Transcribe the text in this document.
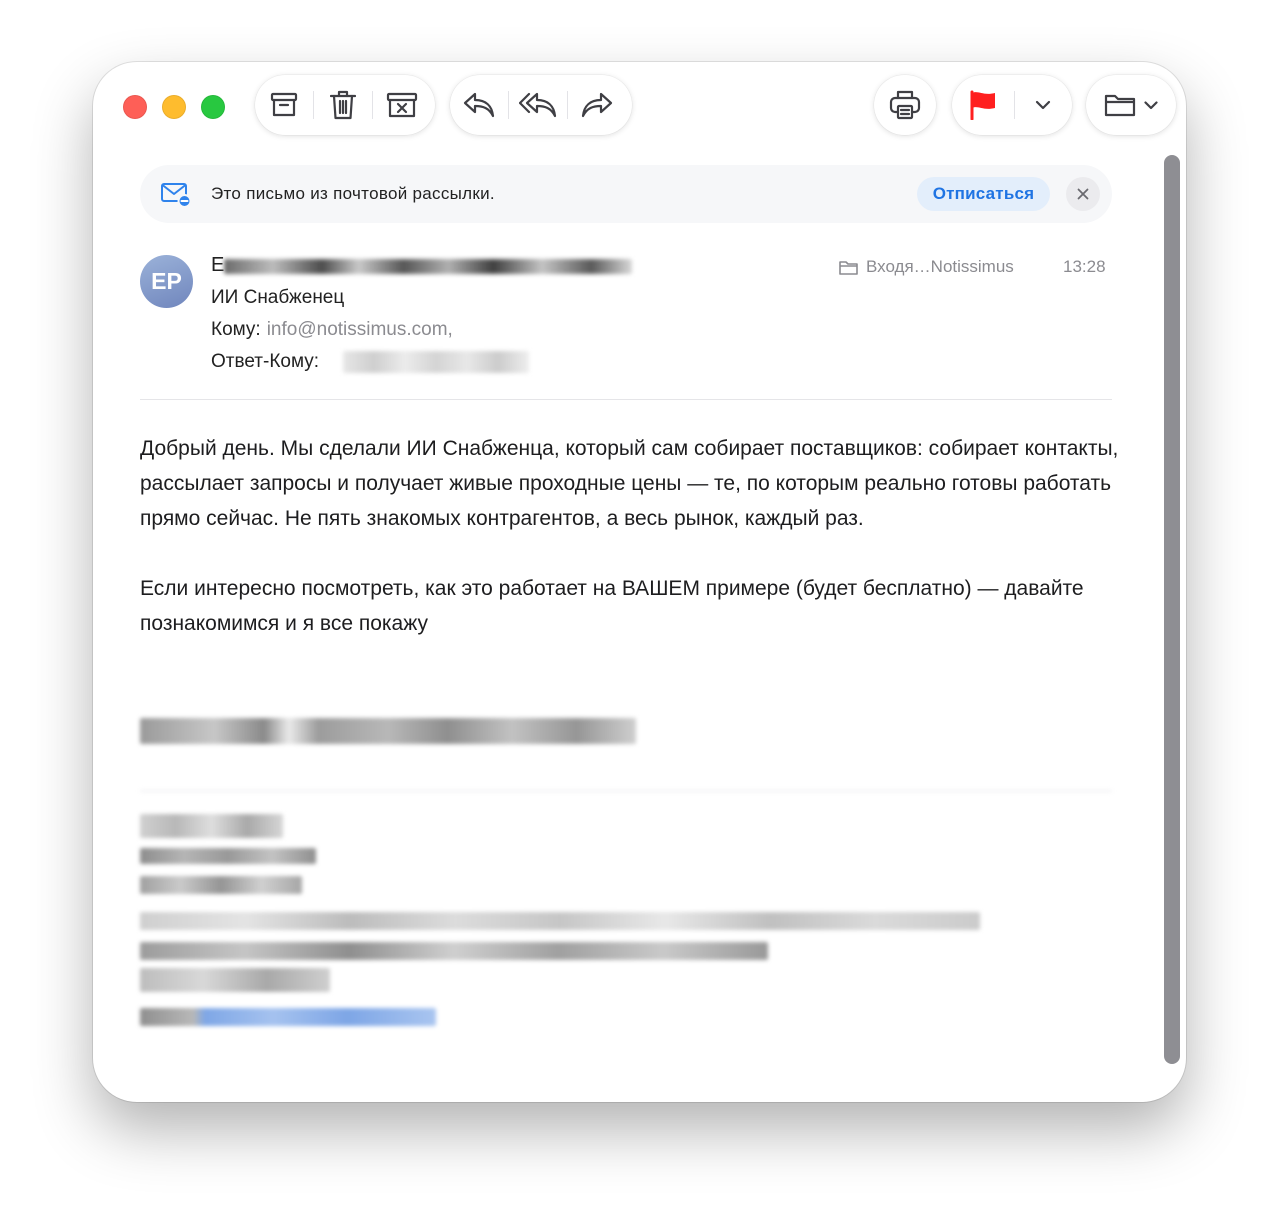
Это письмо из почтовой рассылки.	Отписаться
EP
E
ИИ Снабженец
Кому: info@notissimus.com,
Ответ-Кому:
Входя…Notissimus	13:28

Добрый день. Мы сделали ИИ Снабженца, который сам собирает поставщиков: собирает контакты, рассылает запросы и получает живые проходные цены — те, по которым реально готовы работать прямо сейчас. Не пять знакомых контрагентов, а весь рынок, каждый раз.

Если интересно посмотреть, как это работает на ВАШЕМ примере (будет бесплатно) — давайте познакомимся и я все покажу
